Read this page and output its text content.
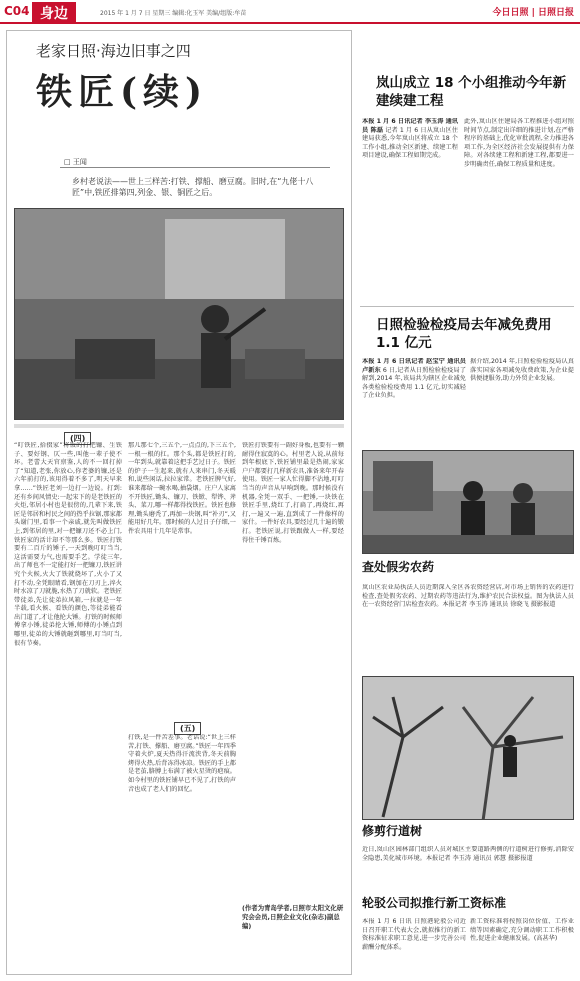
C04 身边	2015 年 1 月 7 日 星期三 编辑:化玉军 美编/组版:牟苗	今日日照 | 日照日报
老家日照·海边旧事之四
铁匠(续)
□ 王闻
乡村老说法——世上三样苦:打铁、撑船、磨豆腐。旧时,在“九佬十八匠”中,铁匠排第四,列金、银、铜匠之后。
(四)
“叮铁匠,拾掇家”将饭的打把镰、生铁子、要好钢、仄一些,叫他一辈子使不坏。老蕾大天官禀鉴,人的不一回打掉了“知道,老张,你放心,你老婆的镰,还是六年前打的,该用得着不多了,明天早来拿……”铁匠老刘一边打一边说。打到:还有乡间风情史:一起宋下的是老铁匠的火炬,邻居小村也是很傍的,几辈下来,铁匠是邻居和村民之间的热乎拉锯,那家都头谢门里,看事一个亲戚,就先叫做铁匠上,到邻居的里,对一把镰刀还不必上门,铁匠家的活计却不等那么多。铁匠打铁要有二百斤的锤子,一天到晚叮叮当当,这活需要力气,也需要手艺。学徒三年,出了师也不一定能打好一把镰刀,铁匠讲究个火候,火大了铁就烧坏了,火小了又打不动,全凭眼睛看,钢加在刀刃上,淬火时水凉了刀就脆,水热了刀就软。老铁匠带徒弟,先让徒弟拉风箱,一拉就是一年半载,看火候、看铁的颜色,等徒弟能看出门道了,才让他抡大锤。打铁的时候师傅拿小锤,徒弟抡大锤,师傅的小锤点到哪里,徒弟的大锤就砸到哪里,叮当叮当,很有节奏。
那儿那七个,三五个,一点点的,下三五个,一根一根的扛。那个头,都是铁匠打的,一年到头,就靠着这把手艺过日子。铁匠的炉子一生起来,就有人来串门,冬天暖和,说些闲话,拉拉家常。老铁匠脾气好,谁来都给一碗水喝,抽袋烟。庄户人家离不开铁匠,锄头、镰刀、铁锨、犁铧、斧头、菜刀,哪一样都得找铁匠。铁匠也修理,锄头磨秃了,再加一块钢,叫“补刃”,又能用好几年。那时候的人过日子仔细,一件农具用十几年是常事。
(五)
打铁,是一件苦差事。老话说:“世上三样苦,打铁、撑船、磨豆腐。”铁匠一年四季守着火炉,夏天热得汗流浃背,冬天前胸烤得火热,后背冻得冰凉。铁匠的手上都是老茧,胳膊上布满了被火星烫的疤痕。如今村里的铁匠铺早已不见了,打铁的声音也成了老人们的回忆。
铁匠打铁要有一副好身板,也要有一颗耐得住寂寞的心。村里老人说,从前每到年根底下,铁匠铺里最是热闹,家家户户都要打几样新农具,准备来年开春使用。铁匠一家人忙得脚不沾地,叮叮当当的声音从早响到晚。那时候没有机器,全凭一双手、一把锤,一块铁在铁匠手里,烧红了,打扁了,再烧红,再打,一遍又一遍,直到成了一件像样的家什。一件好农具,要经过几十遍的锻打。老铁匠说,打铁跟做人一样,要经得住千锤百炼。
(作者为青岛学者,日照市太阳文化研究会会员,日照企业文化(杂志)副总编)
岚山成立 18 个小组推动今年新建续建工程
本报 1 月 6 日讯记者 李玉涛 通讯员 陈磊 记者 1 月 6 日从岚山区住建局获悉,今年岚山区将成立 18 个工作小组,推动全区新建、续建工程项目建设,确保工程如期完成。
此外,岚山区住建局各工程推进小组对照时间节点,制定出详细的推进计划,在严格程序的基础上,优化审批流程,全力推进各项工作,为全区经济社会发展提供有力保障。对各续建工程和新建工程,都要进一步明确责任,确保工程质量和进度。
日照检验检疫局去年减免费用 1.1 亿元
本报 1 月 6 日讯记者 赵宝宁 通讯员 卢新东 6 日,记者从日照检验检疫局了解到,2014 年,该局共为辖区企业减免各类检验检疫费用 1.1 亿元,切实减轻了企业负担。
据介绍,2014 年,日照检验检疫局认真落实国家各项减免收费政策,为企业提供便捷服务,助力外贸企业发展。
查处假劣农药
岚山区农业局执法人员近期深入全区各农资经营店,对市场上销售的农药进行检查,查处假劣农药、过期农药等违法行为,维护农民合法权益。图为执法人员在一农资经营门店检查农药。本报记者 李玉涛 通讯员 徐晓飞 摄影报道
修剪行道树
近日,岚山区园林部门组织人员对城区主要道路两侧的行道树进行修剪,消除安全隐患,美化城市环境。本报记者 李玉涛 通讯员 郭慧 摄影报道
轮驳公司拟推行新工资标准
本报 1 月 6 日讯 日照港轮驳公司近日召开职工代表大会,就拟推行的新工资标准征求职工意见,进一步完善公司薪酬分配体系。
新工资标准将按照岗位价值、工作业绩等因素确定,充分调动职工工作积极性,促进企业健康发展。(高甚华)
